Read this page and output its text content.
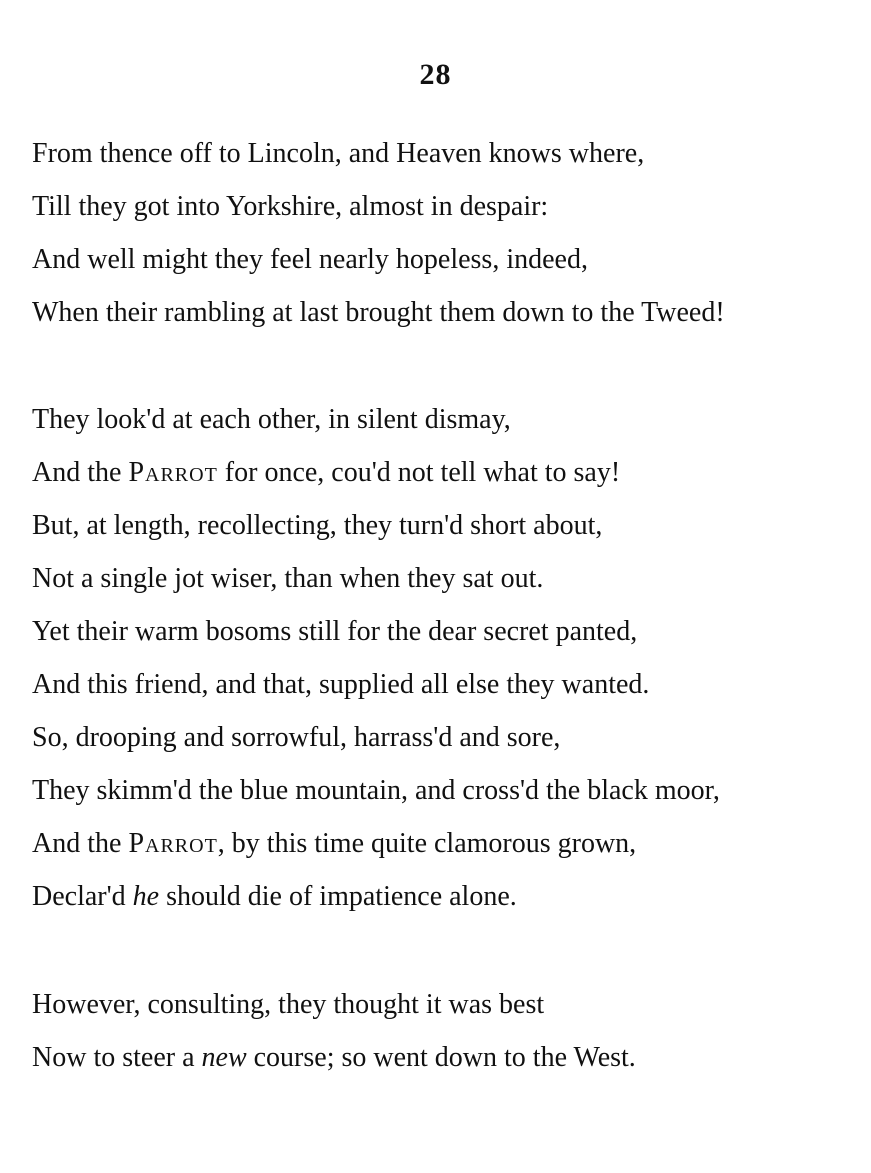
28
From thence off to Lincoln, and Heaven knows where,
Till they got into Yorkshire, almost in despair:
And well might they feel nearly hopeless, indeed,
When their rambling at last brought them down to the Tweed!
They look'd at each other, in silent dismay,
And the Parrot for once, cou'd not tell what to say!
But, at length, recollecting, they turn'd short about,
Not a single jot wiser, than when they sat out.
Yet their warm bosoms still for the dear secret panted,
And this friend, and that, supplied all else they wanted.
So, drooping and sorrowful, harrass'd and sore,
They skimm'd the blue mountain, and cross'd the black moor,
And the Parrot, by this time quite clamorous grown,
Declar'd he should die of impatience alone.
However, consulting, they thought it was best
Now to steer a new course; so went down to the West.
